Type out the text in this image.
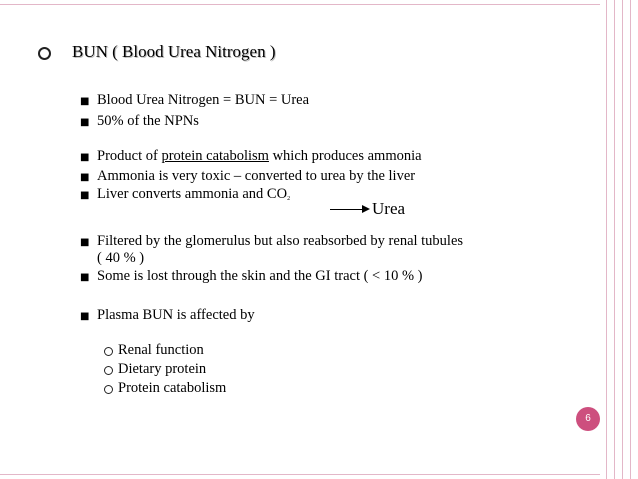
BUN ( Blood Urea Nitrogen )
■ Blood Urea Nitrogen = BUN = Urea
■ 50% of the NPNs
■ Product of protein catabolism which produces ammonia
■ Ammonia is very toxic – converted to urea by the liver
■ Liver converts ammonia and $CO_2$	Urea
■ Filtered by the glomerulus but also reabsorbed by renal tubules
( 40 % )
■ Some is lost through the skin and the GI tract ( < 10 % )
■ Plasma BUN is affected by
Renal function
Dietary protein
Protein catabolism
6
